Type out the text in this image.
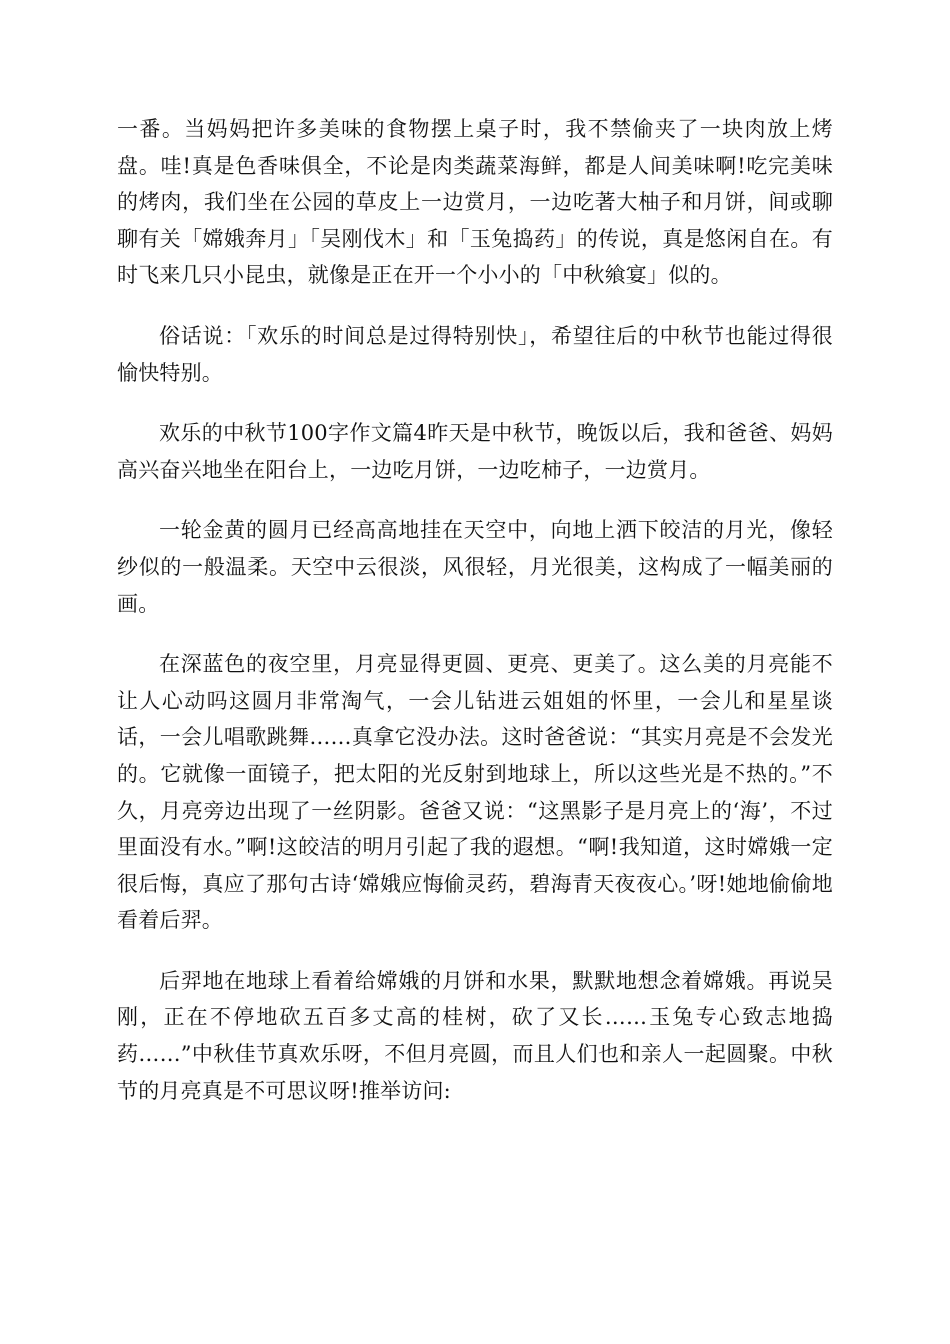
一番。当妈妈把许多美味的食物摆上桌子时，我不禁偷夹了一块肉放上烤盘。哇!真是色香味俱全，不论是肉类蔬菜海鲜，都是人间美味啊!吃完美味的烤肉，我们坐在公园的草皮上一边赏月，一边吃著大柚子和月饼，间或聊聊有关「嫦娥奔月」「吴刚伐木」和「玉兔捣药」的传说，真是悠闲自在。有时飞来几只小昆虫，就像是正在开一个小小的「中秋飨宴」似的。

俗话说：「欢乐的时间总是过得特别快」，希望往后的中秋节也能过得很愉快特别。

欢乐的中秋节100字作文篇4昨天是中秋节，晚饭以后，我和爸爸、妈妈高兴奋兴地坐在阳台上，一边吃月饼，一边吃柿子，一边赏月。

一轮金黄的圆月已经高高地挂在天空中，向地上洒下皎洁的月光，像轻纱似的一般温柔。天空中云很淡，风很轻，月光很美，这构成了一幅美丽的画。

在深蓝色的夜空里，月亮显得更圆、更亮、更美了。这么美的月亮能不让人心动吗这圆月非常淘气，一会儿钻进云姐姐的怀里，一会儿和星星谈话，一会儿唱歌跳舞……真拿它没办法。这时爸爸说：“其实月亮是不会发光的。它就像一面镜子，把太阳的光反射到地球上，所以这些光是不热的。”不久，月亮旁边出现了一丝阴影。爸爸又说：“这黑影子是月亮上的‘海’，不过里面没有水。”啊!这皎洁的明月引起了我的遐想。“啊!我知道，这时嫦娥一定很后悔，真应了那句古诗‘嫦娥应悔偷灵药，碧海青天夜夜心。’呀!她地偷偷地看着后羿。

后羿地在地球上看着给嫦娥的月饼和水果，默默地想念着嫦娥。再说吴刚，正在不停地砍五百多丈高的桂树，砍了又长……玉兔专心致志地捣药……”中秋佳节真欢乐呀，不但月亮圆，而且人们也和亲人一起圆聚。中秋节的月亮真是不可思议呀!推举访问:
